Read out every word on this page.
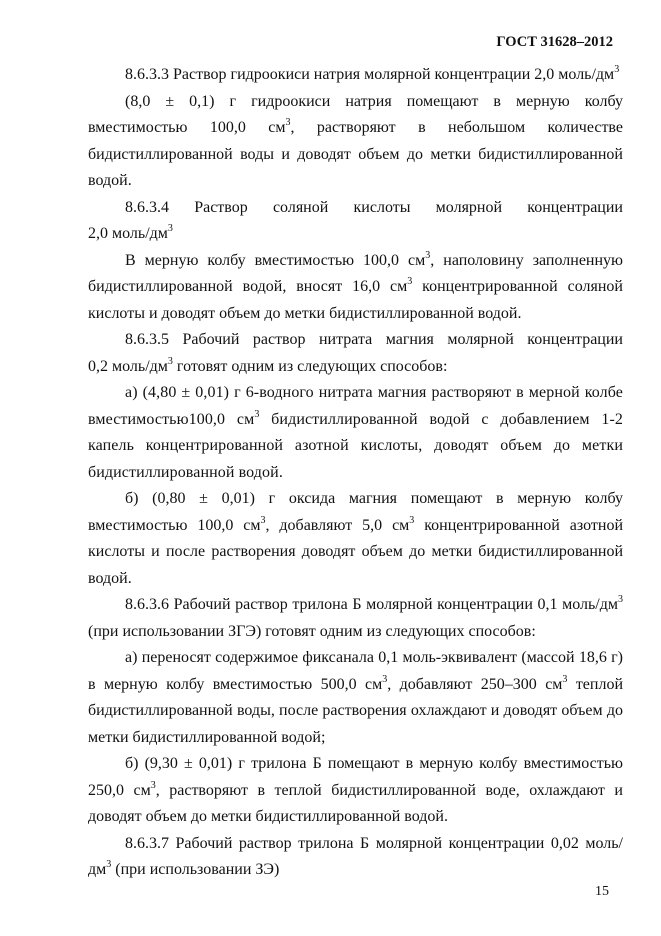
ГОСТ 31628–2012

8.6.3.3 Раствор гидроокиси натрия молярной концентрации 2,0 моль/$дм^3$

(8,0 ± 0,1) г гидроокиси натрия помещают в мерную колбу вместимостью 100,0 $см^3$, растворяют в небольшом количестве бидистиллированной воды и доводят объем до метки бидистиллированной водой.

8.6.3.4 Раствор соляной кислоты молярной концентрации

2,0 моль/$дм^3$

В мерную колбу вместимостью 100,0 $см^3$, наполовину заполненную бидистиллированной водой, вносят 16,0 $см^3$ концентрированной соляной кислоты и доводят объем до метки бидистиллированной водой.

8.6.3.5 Рабочий раствор нитрата магния молярной концентрации

0,2 моль/$дм^3$ готовят одним из следующих способов:

а) (4,80 ± 0,01) г 6-водного нитрата магния растворяют в мерной колбе вместимостью100,0 $см^3$ бидистиллированной водой с добавлением 1-2 капель концентрированной азотной кислоты, доводят объем до метки бидистиллированной водой.

б) (0,80 ± 0,01) г оксида магния помещают в мерную колбу вместимостью 100,0 $см^3$, добавляют 5,0 $см^3$ концентрированной азотной кислоты и после растворения доводят объем до метки бидистиллированной водой.

8.6.3.6 Рабочий раствор трилона Б молярной концентрации 0,1 моль/$дм^3$ (при использовании ЗГЭ) готовят одним из следующих способов:

а) переносят содержимое фиксанала 0,1 моль-эквивалент (массой 18,6 г) в мерную колбу вместимостью 500,0 $см^3$, добавляют 250–300 $см^3$ теплой бидистиллированной воды, после растворения охлаждают и доводят объем до метки бидистиллированной водой;

б) (9,30 ± 0,01) г трилона Б помещают в мерную колбу вместимостью 250,0 $см^3$, растворяют в теплой бидистиллированной воде, охлаждают и доводят объем до метки бидистиллированной водой.

8.6.3.7 Рабочий раствор трилона Б молярной концентрации 0,02 моль/$дм^3$ (при использовании ЗЭ)

15
